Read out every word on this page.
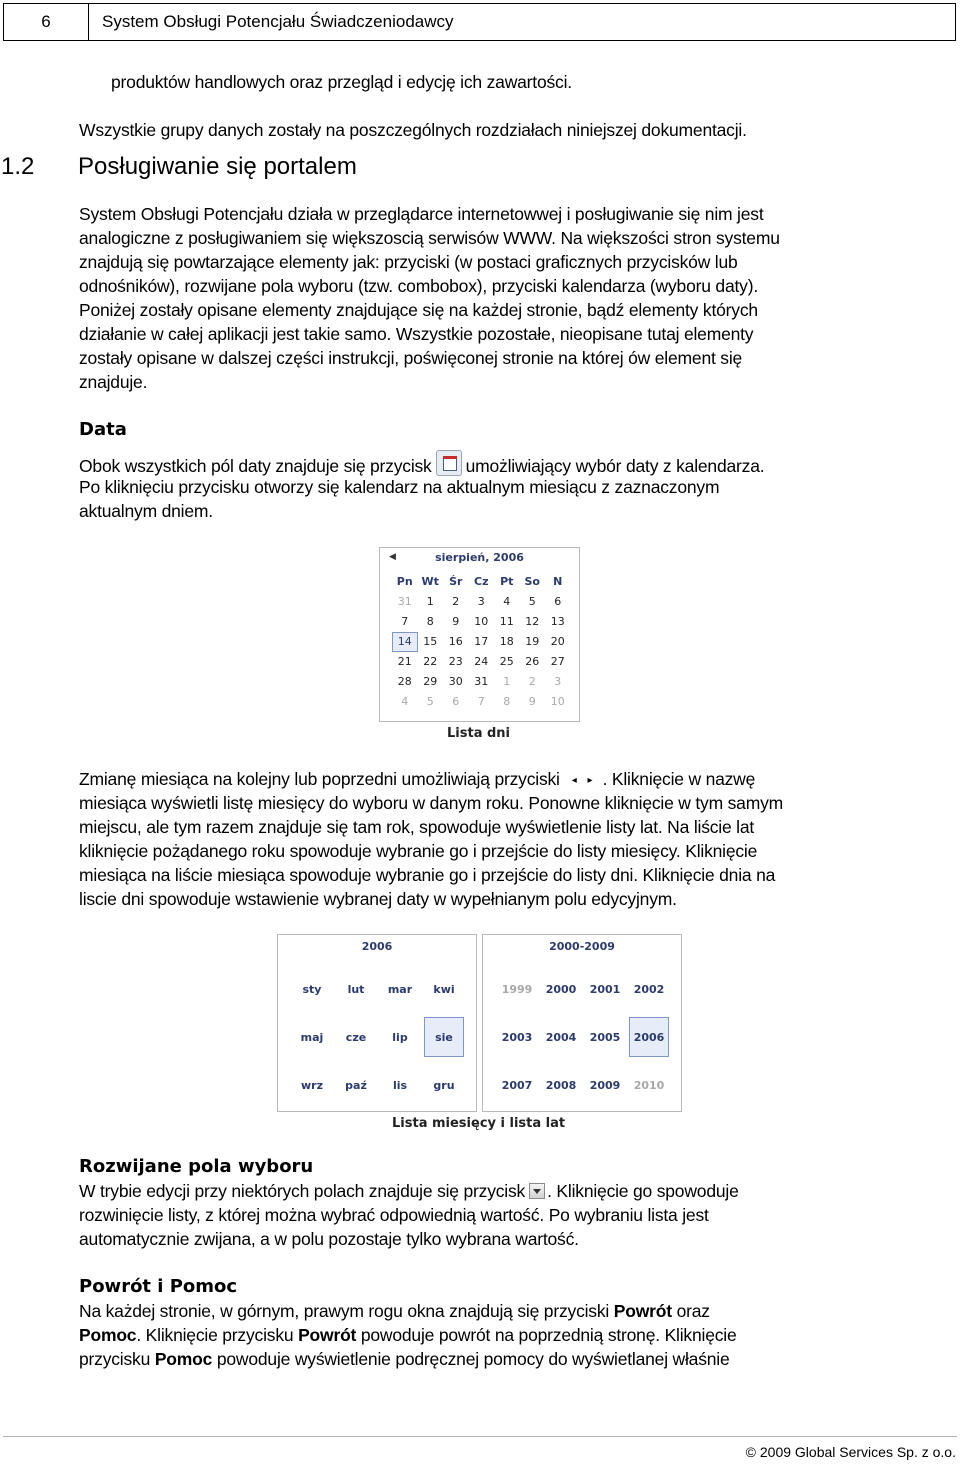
6	System Obsługi Potencjału Świadczeniodawcy
produktów handlowych oraz przegląd i edycję ich zawartości.
Wszystkie grupy danych zostały na poszczególnych rozdziałach niniejszej dokumentacji.
1.2 Posługiwanie się portalem
System Obsługi Potencjału działa w przeglądarce internetowwej i posługiwanie się nim jest
analogiczne z posługiwaniem się większoscią serwisów WWW. Na większości stron systemu
znajdują się powtarzające elementy jak: przyciski (w postaci graficznych przycisków lub
odnośników), rozwijane pola wyboru (tzw. combobox), przyciski kalendarza (wyboru daty).
Poniżej zostały opisane elementy znajdujące się na każdej stronie, bądź elementy których
działanie w całej aplikacji jest takie samo. Wszystkie pozostałe, nieopisane tutaj elementy
zostały opisane w dalszej części instrukcji, poświęconej stronie na której ów element się
znajduje.
Data
Obok wszystkich pól daty znajduje się przycisk umożliwiający wybór daty z kalendarza.
Po kliknięciu przycisku otworzy się kalendarz na aktualnym miesiącu z zaznaczonym
aktualnym dniem.
◀	sierpień, 2006
Pn Wt Śr	Cz	Pt	So	N
31	1	2	3	4	5	6
7	8	9	10	11	12	13
14	15	16	17	18	19	20
21	22	23	24	25	26	27
28	29	30	31	1	2	3
4	5	6	7	8	9	10
Lista dni
Zmianę miesiąca na kolejny lub poprzedni umożliwiają przyciski ◂ ▸ . Kliknięcie w nazwę
miesiąca wyświetli listę miesięcy do wyboru w danym roku. Ponowne kliknięcie w tym samym
miejscu, ale tym razem znajduje się tam rok, spowoduje wyświetlenie listy lat. Na liście lat
kliknięcie pożądanego roku spowoduje wybranie go i przejście do listy miesięcy. Kliknięcie
miesiąca na liście miesiąca spowoduje wybranie go i przejście do listy dni. Kliknięcie dnia na
liscie dni spowoduje wstawienie wybranej daty w wypełnianym polu edycyjnym.
2006
sty	lut	mar	kwi
maj	cze	lip	sie
wrz	paź	lis	gru
2000-2009
1999	2000	2001	2002
2003	2004	2005	2006
2007	2008	2009	2010
Lista miesięcy i lista lat
Rozwijane pola wyboru
W trybie edycji przy niektórych polach znajduje się przycisk . Kliknięcie go spowoduje
rozwinięcie listy, z której można wybrać odpowiednią wartość. Po wybraniu lista jest
automatycznie zwijana, a w polu pozostaje tylko wybrana wartość.
Powrót i Pomoc
Na każdej stronie, w górnym, prawym rogu okna znajdują się przyciski Powrót oraz
Pomoc. Kliknięcie przycisku Powrót powoduje powrót na poprzednią stronę. Kliknięcie
przycisku Pomoc powoduje wyświetlenie podręcznej pomocy do wyświetlanej właśnie
© 2009 Global Services Sp. z o.o.
